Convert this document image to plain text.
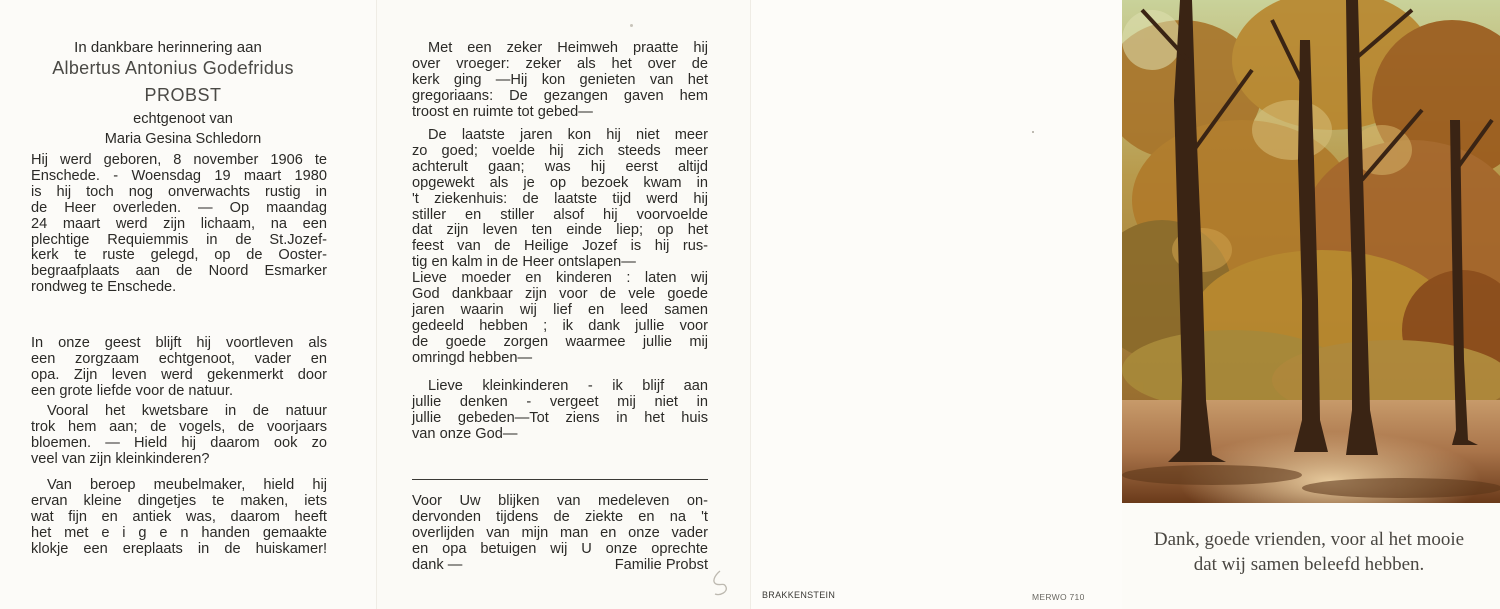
In dankbare herinnering aan
Albertus Antonius Godefridus
PROBST
echtgenoot van
Maria Gesina Schledorn
Hij werd geboren, 8 november 1906 te
Enschede. - Woensdag 19 maart 1980
is hij toch nog onverwachts rustig in
de Heer overleden. — Op maandag
24 maart werd zijn lichaam, na een
plechtige Requiemmis in de St.Jozef-
kerk te ruste gelegd, op de Ooster-
begraafplaats aan de Noord Esmarker
rondweg te Enschede.
In onze geest blijft hij voortleven als
een zorgzaam echtgenoot, vader en
opa. Zijn leven werd gekenmerkt door
een grote liefde voor de natuur.
Vooral het kwetsbare in de natuur
trok hem aan; de vogels, de voorjaars
bloemen. — Hield hij daarom ook zo
veel van zijn kleinkinderen?
Van beroep meubelmaker, hield hij
ervan kleine dingetjes te maken, iets
wat fijn en antiek was, daarom heeft
het met e i g e n handen gemaakte
klokje een ereplaats in de huiskamer!
Met een zeker Heimweh praatte hij
over vroeger: zeker als het over de
kerk ging —Hij kon genieten van het
gregoriaans: De gezangen gaven hem
troost en ruimte tot gebed—
De laatste jaren kon hij niet meer
zo goed; voelde hij zich steeds meer
achterult gaan; was hij eerst altijd
opgewekt als je op bezoek kwam in
't ziekenhuis: de laatste tijd werd hij
stiller en stiller alsof hij voorvoelde
dat zijn leven ten einde liep; op het
feest van de Heilige Jozef is hij rus-
tig en kalm in de Heer ontslapen—
Lieve moeder en kinderen : laten wij
God dankbaar zijn voor de vele goede
jaren waarin wij lief en leed samen
gedeeld hebben ; ik dank jullie voor
de goede zorgen waarmee jullie mij
omringd hebben—
Lieve kleinkinderen - ik blijf aan
jullie denken - vergeet mij niet in
jullie gebeden—Tot ziens in het huis
van onze God—
Voor Uw blijken van medeleven on-
dervonden tijdens de ziekte en na 't
overlijden van mijn man en onze vader
en opa betuigen wij U onze oprechte
dank —	Familie Probst
BRAKKENSTEIN	MERWO 710
Dank, goede vrienden, voor al het mooie
dat wij samen beleefd hebben.
